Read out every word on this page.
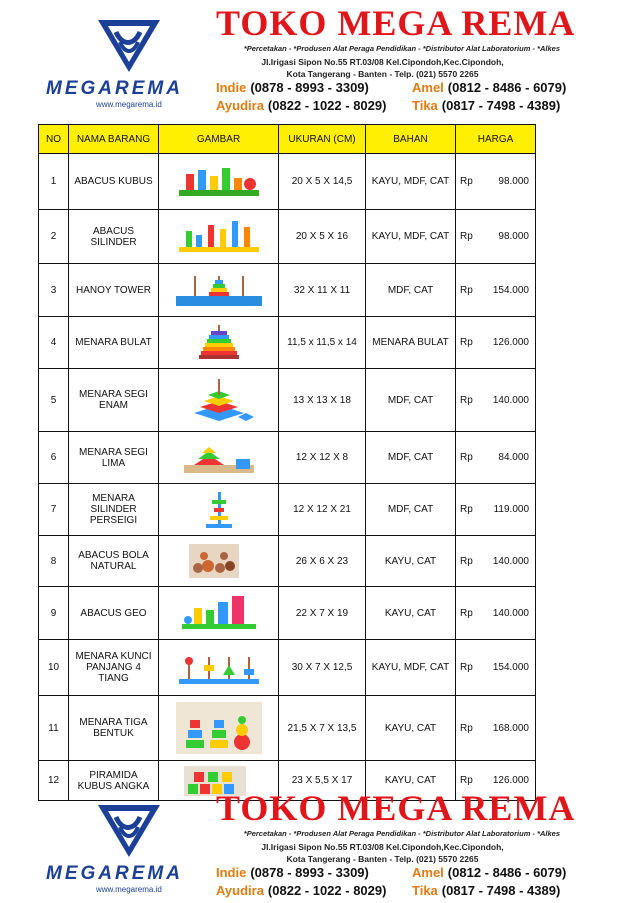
MEGAREMA
www.megarema.id
TOKO MEGA REMA
*Percetakan - *Produsen Alat Peraga Pendidikan - *Distributor Alat Laboratorium - *Alkes
Jl.Irigasi Sipon No.55 RT.03/08 Kel.Cipondoh,Kec.Cipondoh,
Kota Tangerang - Banten - Telp. (021) 5570 2265
Indie (0878 - 8993 - 3309)	Amel (0812 - 8486 - 6079)
Ayudira (0822 - 1022 - 8029) Tika (0817 - 7498 - 4389)
NO	NAMA BARANG	GAMBAR	UKURAN (CM)	BAHAN	HARGA
1	ABACUS KUBUS		20 X 5 X 14,5	KAYU, MDF, CAT	Rp 98.000

2	ABACUS SILINDER		20 X 5 X 16	KAYU, MDF, CAT	Rp 98.000

3	HANOY TOWER		32 X 11 X 11	MDF, CAT	Rp 154.000

4	MENARA BULAT		11,5 x 11,5 x 14	MENARA BULAT	Rp 126.000

5	MENARA SEGI ENAM		13 X 13 X 18	MDF, CAT	Rp 140.000

6	MENARA SEGI LIMA		12 X 12 X 8	MDF, CAT	Rp 84.000

7	MENARA SILINDER PERSEIGI		12 X 12 X 21	MDF, CAT	Rp 119.000

8	ABACUS BOLA NATURAL		26 X 6 X 23	KAYU, CAT	Rp 140.000

9	ABACUS GEO		22 X 7 X 19	KAYU, CAT	Rp 140.000

10	MENARA KUNCI PANJANG 4 TIANG		30 X 7 X 12,5	KAYU, MDF, CAT	Rp 154.000

11	MENARA TIGA BENTUK		21,5 X 7 X 13,5	KAYU, CAT	Rp 168.000

12	PIRAMIDA KUBUS ANGKA		23 X 5,5 X 17	KAYU, CAT	Rp 126.000
MEGAREMA
www.megarema.id
TOKO MEGA REMA
*Percetakan - *Produsen Alat Peraga Pendidikan - *Distributor Alat Laboratorium - *Alkes
Jl.Irigasi Sipon No.55 RT.03/08 Kel.Cipondoh,Kec.Cipondoh,
Kota Tangerang - Banten - Telp. (021) 5570 2265
Indie (0878 - 8993 - 3309)	Amel (0812 - 8486 - 6079)
Ayudira (0822 - 1022 - 8029) Tika (0817 - 7498 - 4389)
